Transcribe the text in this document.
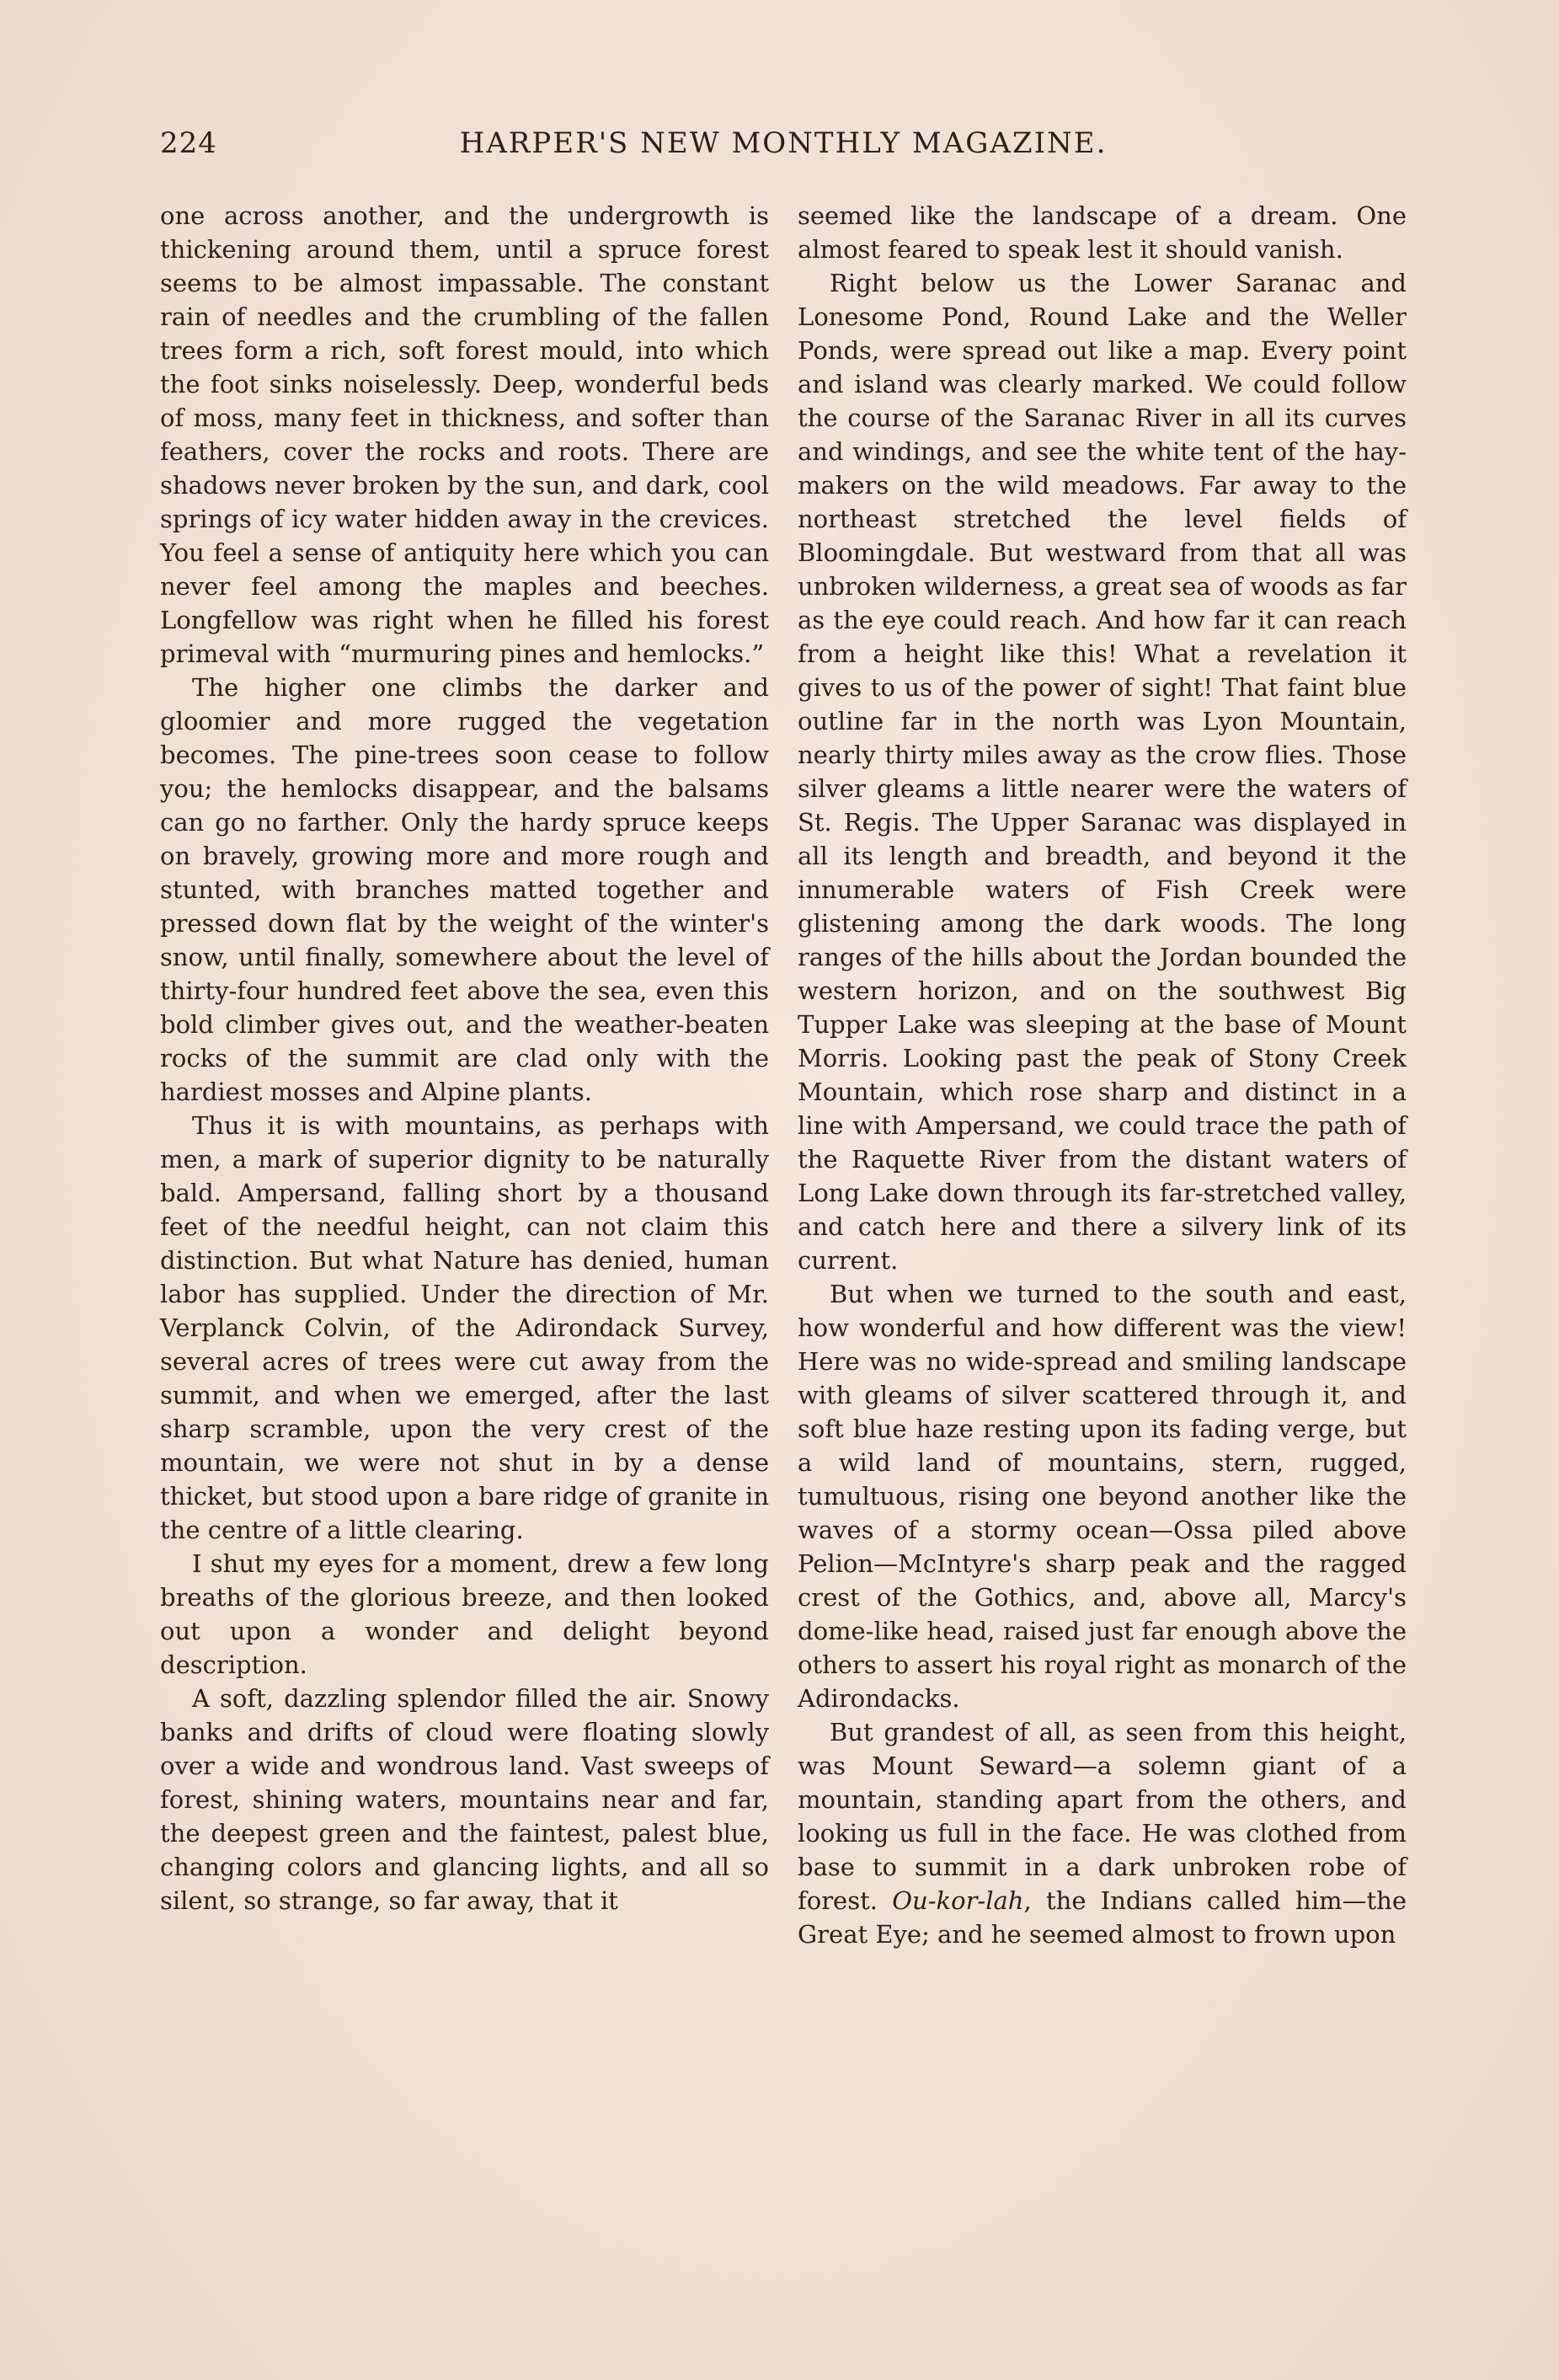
224	HARPER'S NEW MONTHLY MAGAZINE.

one across another, and the undergrowth is thickening around them, until a spruce forest seems to be almost impassable. The constant rain of needles and the crumbling of the fallen trees form a rich, soft forest mould, into which the foot sinks noiselessly. Deep, wonderful beds of moss, many feet in thickness, and softer than feathers, cover the rocks and roots. There are shadows never broken by the sun, and dark, cool springs of icy water hidden away in the crevices. You feel a sense of antiquity here which you can never feel among the maples and beeches. Longfellow was right when he filled his forest primeval with “murmuring pines and hemlocks.”

The higher one climbs the darker and gloomier and more rugged the vegetation becomes. The pine-trees soon cease to follow you; the hemlocks disappear, and the balsams can go no farther. Only the hardy spruce keeps on bravely, growing more and more rough and stunted, with branches matted together and pressed down flat by the weight of the winter's snow, until finally, somewhere about the level of thirty-four hundred feet above the sea, even this bold climber gives out, and the weather-beaten rocks of the summit are clad only with the hardiest mosses and Alpine plants.

Thus it is with mountains, as perhaps with men, a mark of superior dignity to be naturally bald. Ampersand, falling short by a thousand feet of the needful height, can not claim this distinction. But what Nature has denied, human labor has supplied. Under the direction of Mr. Verplanck Colvin, of the Adirondack Survey, several acres of trees were cut away from the summit, and when we emerged, after the last sharp scramble, upon the very crest of the mountain, we were not shut in by a dense thicket, but stood upon a bare ridge of granite in the centre of a little clearing.

I shut my eyes for a moment, drew a few long breaths of the glorious breeze, and then looked out upon a wonder and delight beyond description.

A soft, dazzling splendor filled the air. Snowy banks and drifts of cloud were floating slowly over a wide and wondrous land. Vast sweeps of forest, shining waters, mountains near and far, the deepest green and the faintest, palest blue, changing colors and glancing lights, and all so silent, so strange, so far away, that it

seemed like the landscape of a dream. One almost feared to speak lest it should vanish.

Right below us the Lower Saranac and Lonesome Pond, Round Lake and the Weller Ponds, were spread out like a map. Every point and island was clearly marked. We could follow the course of the Saranac River in all its curves and windings, and see the white tent of the hay-makers on the wild meadows. Far away to the northeast stretched the level fields of Bloomingdale. But westward from that all was unbroken wilderness, a great sea of woods as far as the eye could reach. And how far it can reach from a height like this! What a revelation it gives to us of the power of sight! That faint blue outline far in the north was Lyon Mountain, nearly thirty miles away as the crow flies. Those silver gleams a little nearer were the waters of St. Regis. The Upper Saranac was displayed in all its length and breadth, and beyond it the innumerable waters of Fish Creek were glistening among the dark woods. The long ranges of the hills about the Jordan bounded the western horizon, and on the southwest Big Tupper Lake was sleeping at the base of Mount Morris. Looking past the peak of Stony Creek Mountain, which rose sharp and distinct in a line with Ampersand, we could trace the path of the Raquette River from the distant waters of Long Lake down through its far-stretched valley, and catch here and there a silvery link of its current.

But when we turned to the south and east, how wonderful and how different was the view! Here was no wide-spread and smiling landscape with gleams of silver scattered through it, and soft blue haze resting upon its fading verge, but a wild land of mountains, stern, rugged, tumultuous, rising one beyond another like the waves of a stormy ocean—Ossa piled above Pelion—McIntyre's sharp peak and the ragged crest of the Gothics, and, above all, Marcy's dome-like head, raised just far enough above the others to assert his royal right as monarch of the Adirondacks.

But grandest of all, as seen from this height, was Mount Seward—a solemn giant of a mountain, standing apart from the others, and looking us full in the face. He was clothed from base to summit in a dark unbroken robe of forest. Ou-kor-lah, the Indians called him—the Great Eye; and he seemed almost to frown upon
